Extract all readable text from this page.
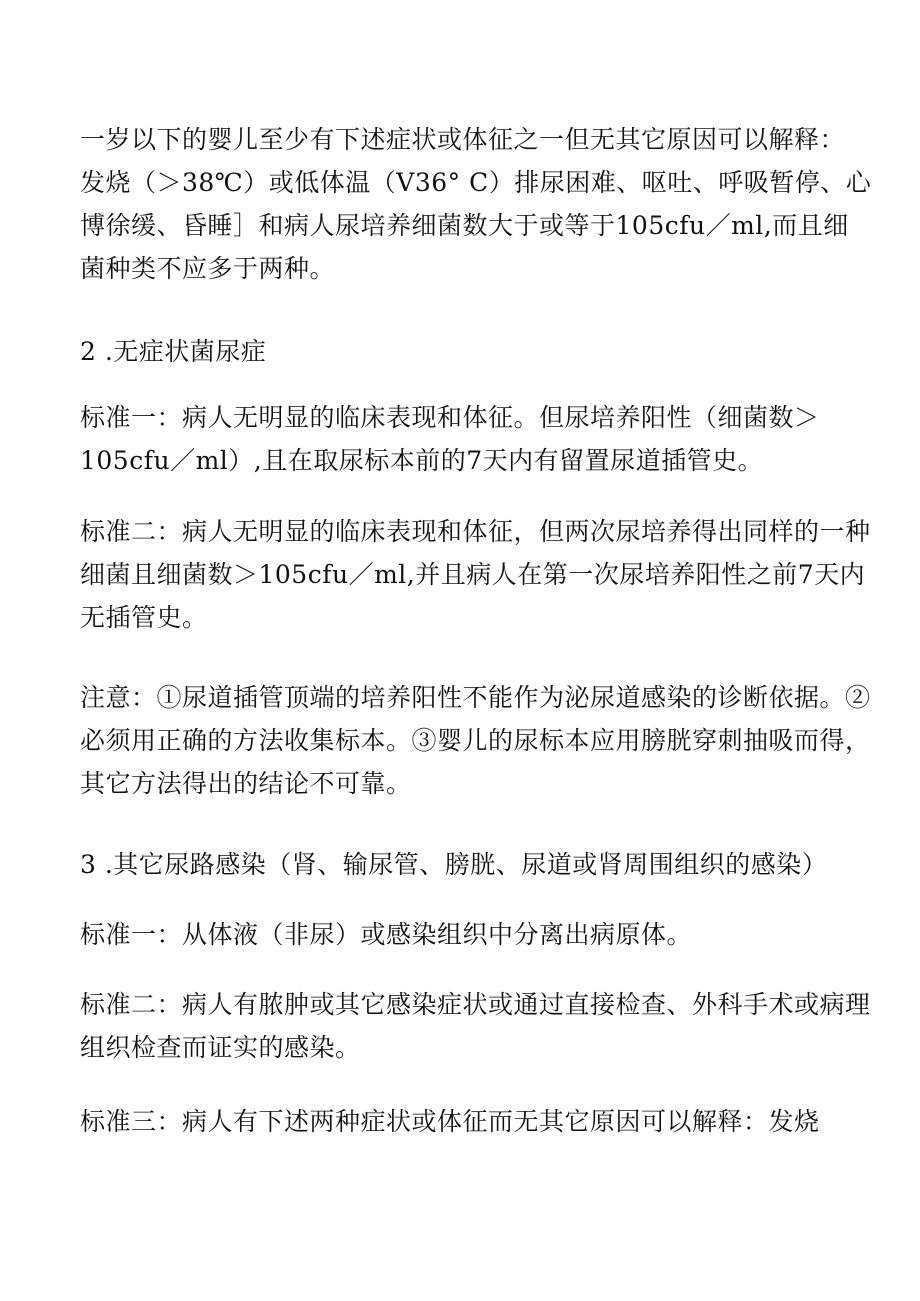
一岁以下的婴儿至少有下述症状或体征之一但无其它原因可以解释：
发烧（＞38℃）或低体温（V36° C）排尿困难、呕吐、呼吸暂停、心
博徐缓、昏睡］和病人尿培养细菌数大于或等于105cfu／ml,而且细
菌种类不应多于两种。

2 .无症状菌尿症

标准一：病人无明显的临床表现和体征。但尿培养阳性（细菌数＞
105cfu／ml）,且在取尿标本前的7天内有留置尿道插管史。

标准二：病人无明显的临床表现和体征，但两次尿培养得出同样的一种
细菌且细菌数＞105cfu／ml,并且病人在第一次尿培养阳性之前7天内
无插管史。

注意：①尿道插管顶端的培养阳性不能作为泌尿道感染的诊断依据。②
必须用正确的方法收集标本。③婴儿的尿标本应用膀胱穿刺抽吸而得，
其它方法得出的结论不可靠。

3 .其它尿路感染（肾、输尿管、膀胱、尿道或肾周围组织的感染）

标准一：从体液（非尿）或感染组织中分离出病原体。

标准二：病人有脓肿或其它感染症状或通过直接检查、外科手术或病理
组织检查而证实的感染。

标准三：病人有下述两种症状或体征而无其它原因可以解释：发烧
